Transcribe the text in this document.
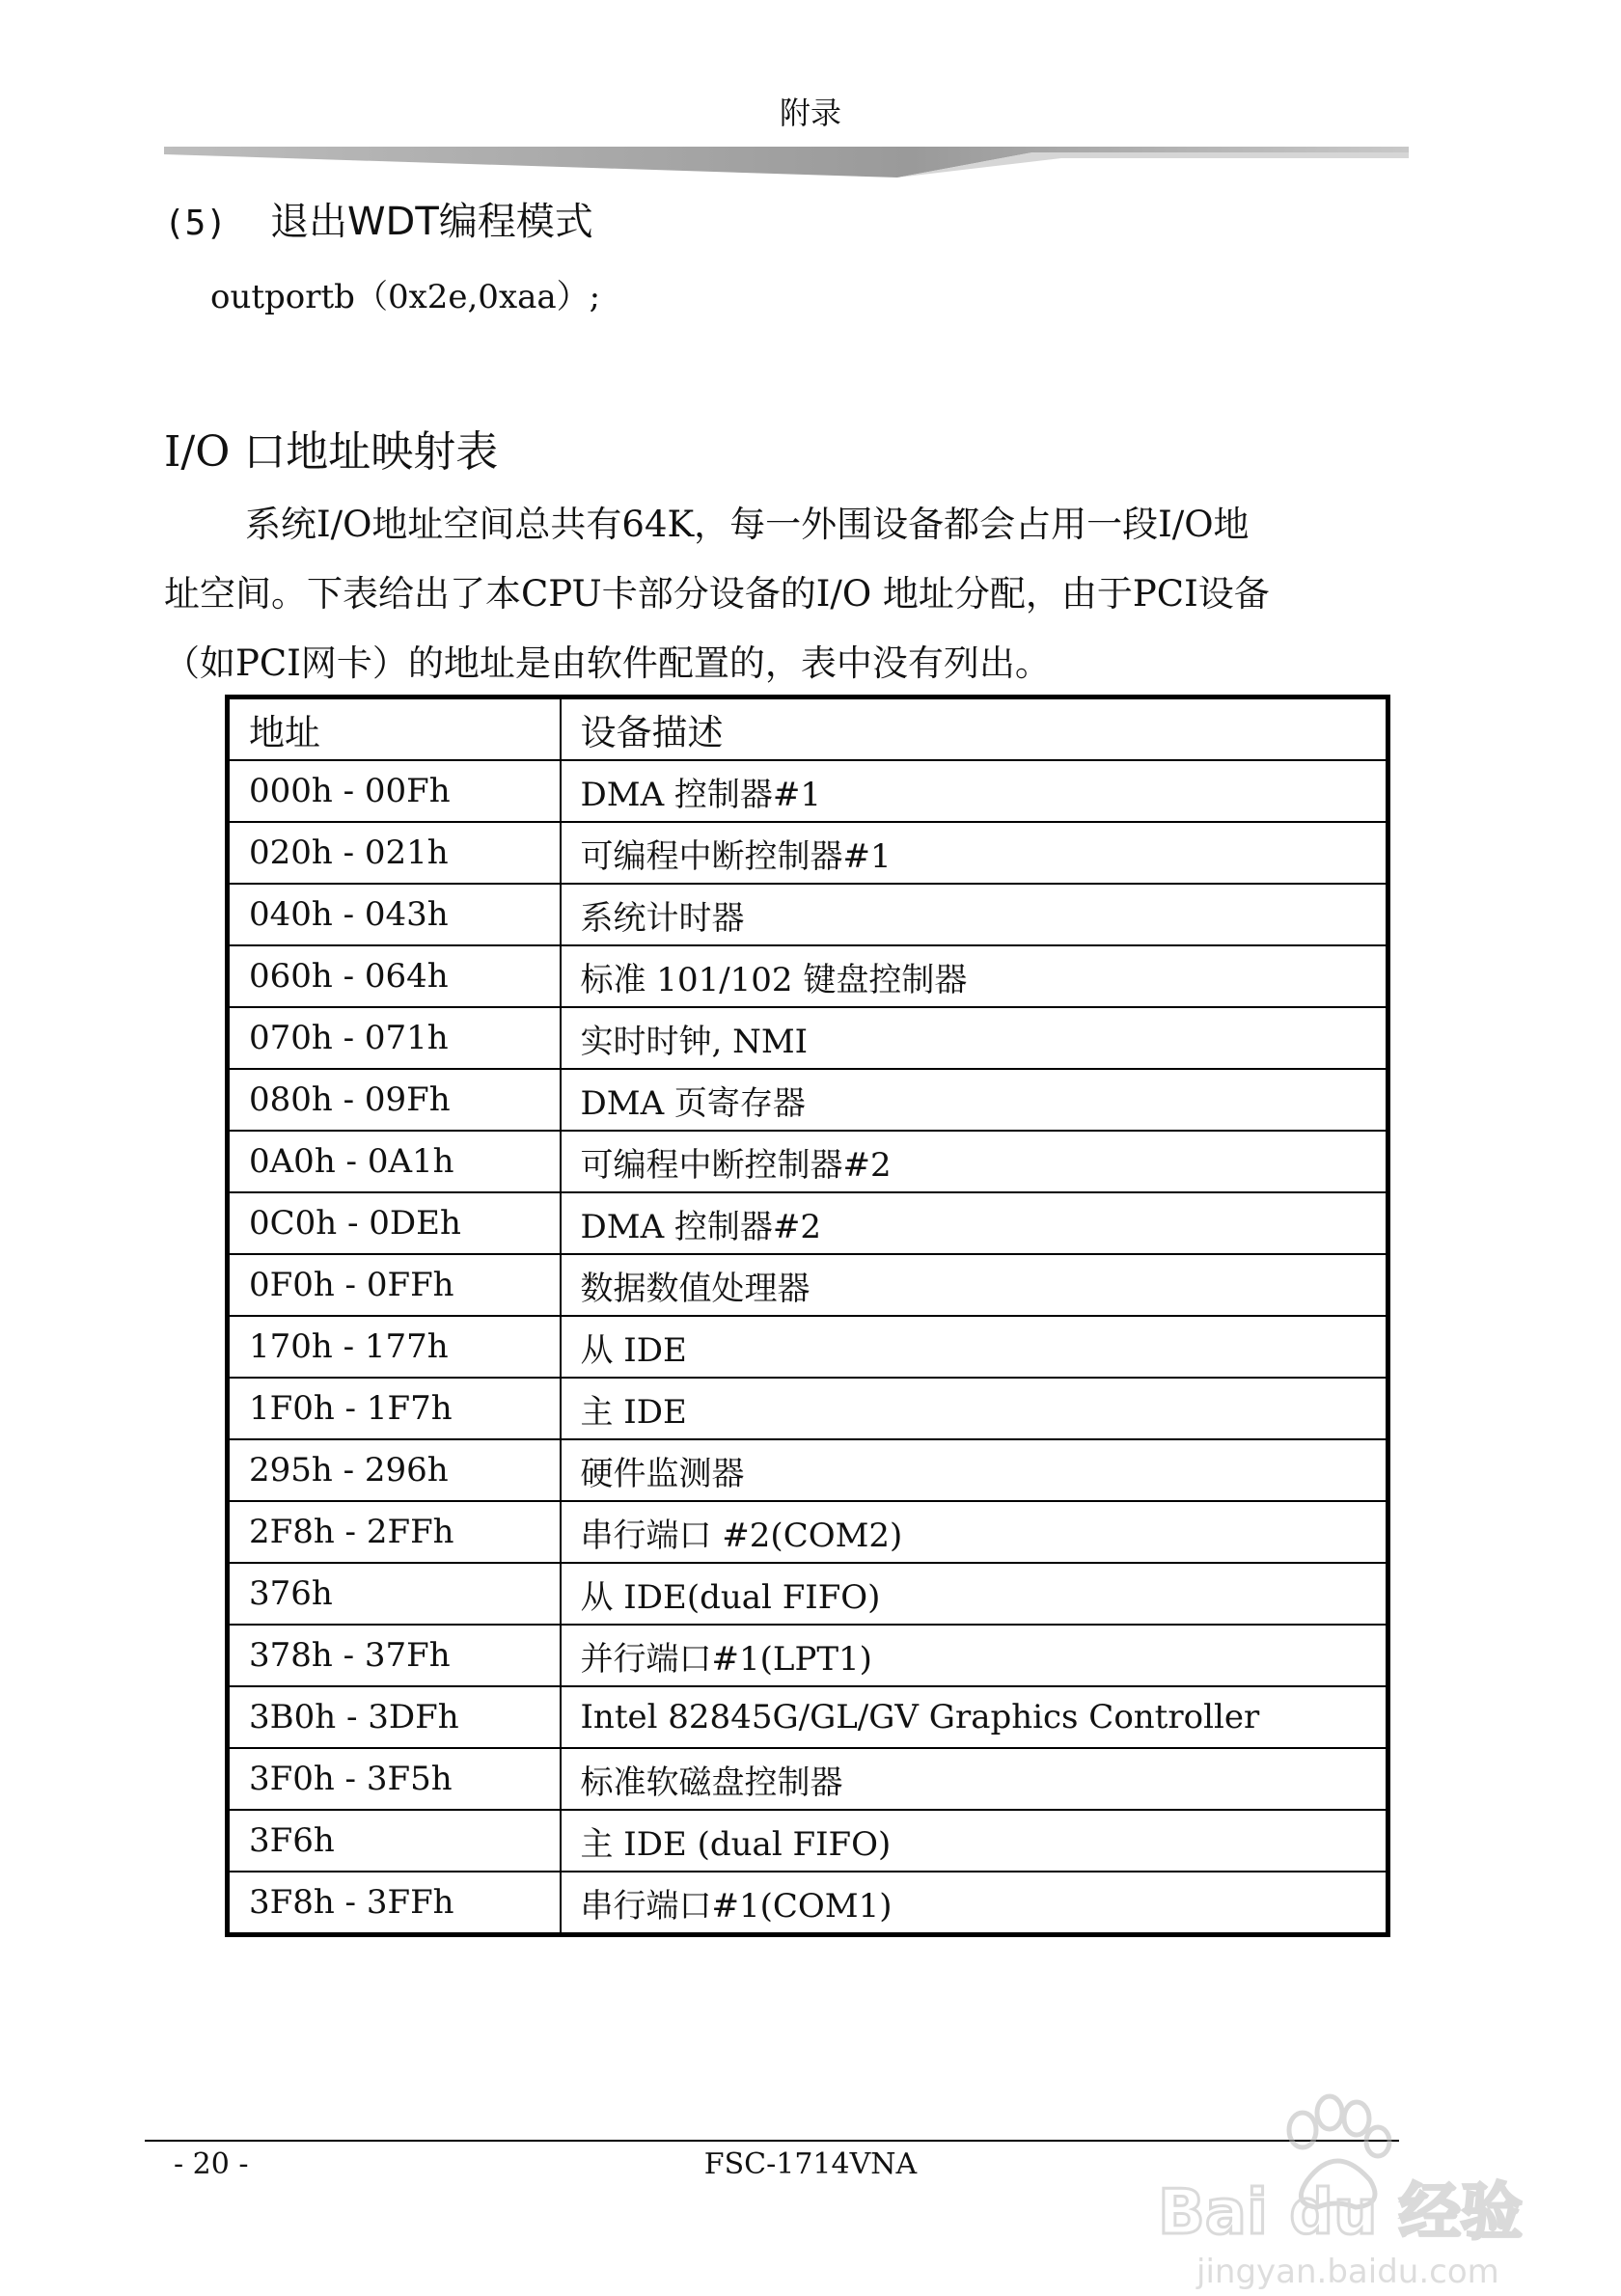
附录
(5) 退出WDT编程模式
outportb（0x2e,0xaa）;
I/O 口地址映射表
系统I/O地址空间总共有64K，每一外围设备都会占用一段I/O地
址空间。下表给出了本CPU卡部分设备的I/O 地址分配，由于PCI设备
（如PCI网卡）的地址是由软件配置的，表中没有列出。
地址	设备描述
000h - 00Fh	DMA 控制器#1
020h - 021h	可编程中断控制器#1
040h - 043h	系统计时器
060h - 064h	标准 101/102 键盘控制器
070h - 071h	实时时钟, NMI
080h - 09Fh	DMA 页寄存器
0A0h - 0A1h	可编程中断控制器#2
0C0h - 0DEh	DMA 控制器#2
0F0h - 0FFh	数据数值处理器
170h - 177h	从 IDE
1F0h - 1F7h	主 IDE
295h - 296h	硬件监测器
2F8h - 2FFh	串行端口 #2(COM2)
376h	从 IDE(dual FIFO)
378h - 37Fh	并行端口#1(LPT1)
3B0h - 3DFh	Intel 82845G/GL/GV Graphics Controller
3F0h - 3F5h	标准软磁盘控制器
3F6h	主 IDE (dual FIFO)
3F8h - 3FFh	串行端口#1(COM1)
- 20 -	FSC-1714VNA
Bai du 经验
jingyan.baidu.com
